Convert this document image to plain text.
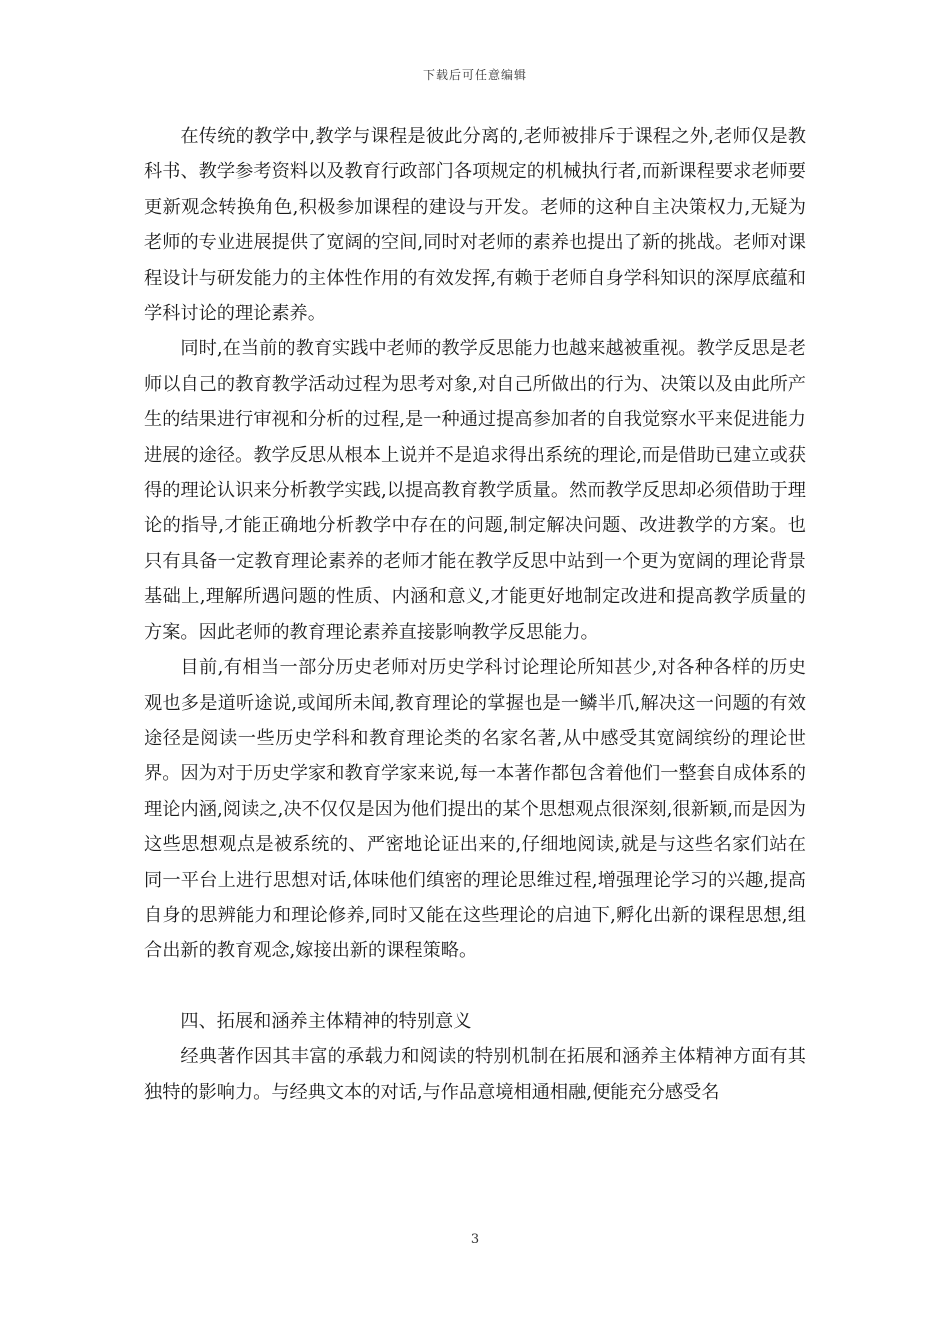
下载后可任意编辑

在传统的教学中,教学与课程是彼此分离的,老师被排斥于课程之外,老师仅是教科书、教学参考资料以及教育行政部门各项规定的机械执行者,而新课程要求老师要更新观念转换角色,积极参加课程的建设与开发。老师的这种自主决策权力,无疑为老师的专业进展提供了宽阔的空间,同时对老师的素养也提出了新的挑战。老师对课程设计与研发能力的主体性作用的有效发挥,有赖于老师自身学科知识的深厚底蕴和学科讨论的理论素养。

同时,在当前的教育实践中老师的教学反思能力也越来越被重视。教学反思是老师以自己的教育教学活动过程为思考对象,对自己所做出的行为、决策以及由此所产生的结果进行审视和分析的过程,是一种通过提高参加者的自我觉察水平来促进能力进展的途径。教学反思从根本上说并不是追求得出系统的理论,而是借助已建立或获得的理论认识来分析教学实践,以提高教育教学质量。然而教学反思却必须借助于理论的指导,才能正确地分析教学中存在的问题,制定解决问题、改进教学的方案。也只有具备一定教育理论素养的老师才能在教学反思中站到一个更为宽阔的理论背景基础上,理解所遇问题的性质、内涵和意义,才能更好地制定改进和提高教学质量的方案。因此老师的教育理论素养直接影响教学反思能力。

目前,有相当一部分历史老师对历史学科讨论理论所知甚少,对各种各样的历史观也多是道听途说,或闻所未闻,教育理论的掌握也是一鳞半爪,解决这一问题的有效途径是阅读一些历史学科和教育理论类的名家名著,从中感受其宽阔缤纷的理论世界。因为对于历史学家和教育学家来说,每一本著作都包含着他们一整套自成体系的理论内涵,阅读之,决不仅仅是因为他们提出的某个思想观点很深刻,很新颖,而是因为这些思想观点是被系统的、严密地论证出来的,仔细地阅读,就是与这些名家们站在同一平台上进行思想对话,体味他们缜密的理论思维过程,增强理论学习的兴趣,提高自身的思辨能力和理论修养,同时又能在这些理论的启迪下,孵化出新的课程思想,组合出新的教育观念,嫁接出新的课程策略。

四、拓展和涵养主体精神的特别意义

经典著作因其丰富的承载力和阅读的特别机制在拓展和涵养主体精神方面有其独特的影响力。与经典文本的对话,与作品意境相通相融,便能充分感受名

3
